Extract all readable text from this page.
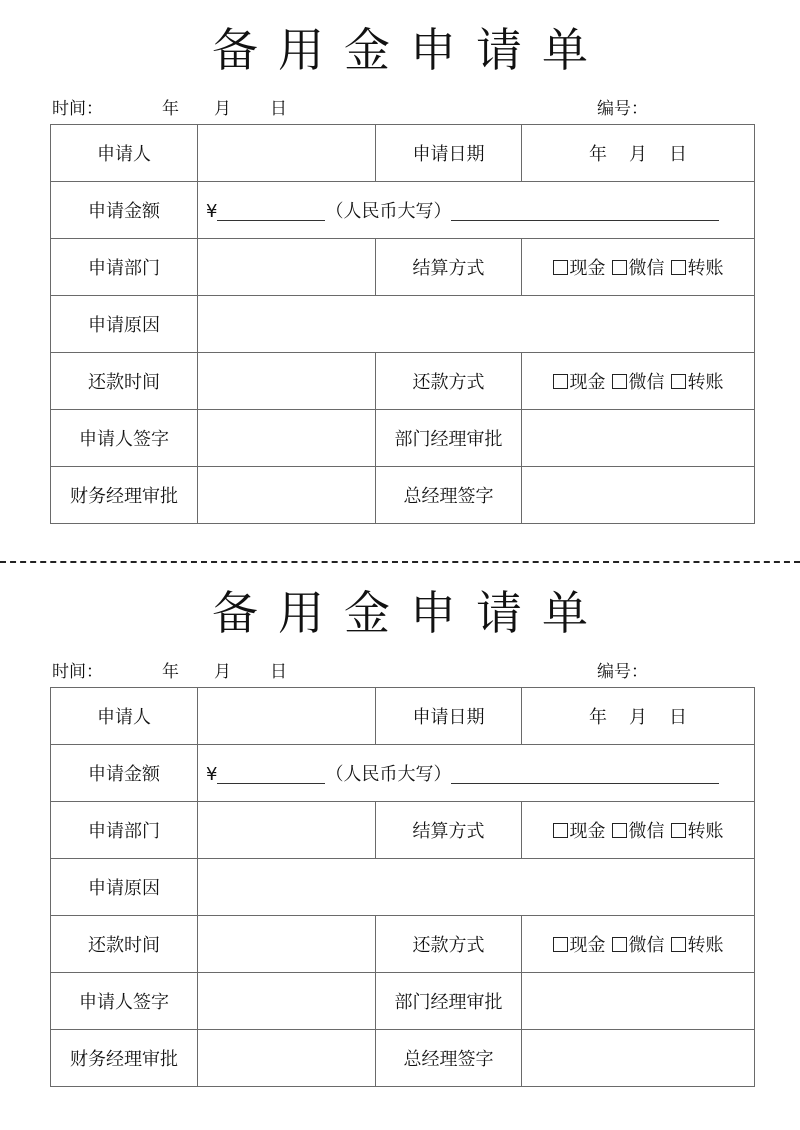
备用金申请单
时间：	年 月 日	编号：
申请人		申请日期	年 月 日
申请金额	¥ （人民币大写）		
申请部门		结算方式	现金 微信 转账
申请原因			
还款时间		还款方式	现金 微信 转账
申请人签字		部门经理审批	
财务经理审批		总经理签字	
备用金申请单
时间：	年 月 日	编号：
申请人		申请日期	年 月 日
申请金额	¥ （人民币大写）		
申请部门		结算方式	现金 微信 转账
申请原因			
还款时间		还款方式	现金 微信 转账
申请人签字		部门经理审批	
财务经理审批		总经理签字	
